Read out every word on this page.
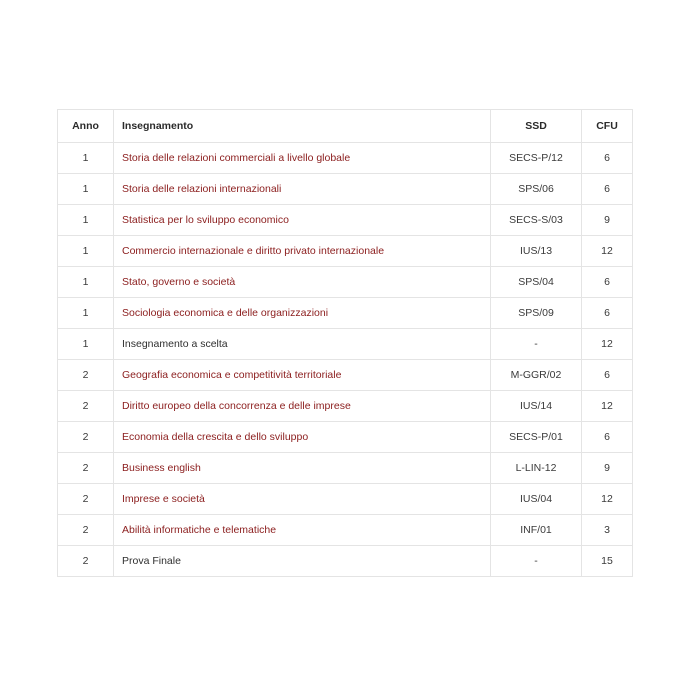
Anno	Insegnamento	SSD	CFU
1	Storia delle relazioni commerciali a livello globale	SECS-P/12	6
1	Storia delle relazioni internazionali	SPS/06	6
1	Statistica per lo sviluppo economico	SECS-S/03	9
1	Commercio internazionale e diritto privato internazionale	IUS/13	12
1	Stato, governo e società	SPS/04	6
1	Sociologia economica e delle organizzazioni	SPS/09	6
1	Insegnamento a scelta	-	12
2	Geografia economica e competitività territoriale	M-GGR/02	6
2	Diritto europeo della concorrenza e delle imprese	IUS/14	12
2	Economia della crescita e dello sviluppo	SECS-P/01	6
2	Business english	L-LIN-12	9
2	Imprese e società	IUS/04	12
2	Abilità informatiche e telematiche	INF/01	3
2	Prova Finale	-	15
